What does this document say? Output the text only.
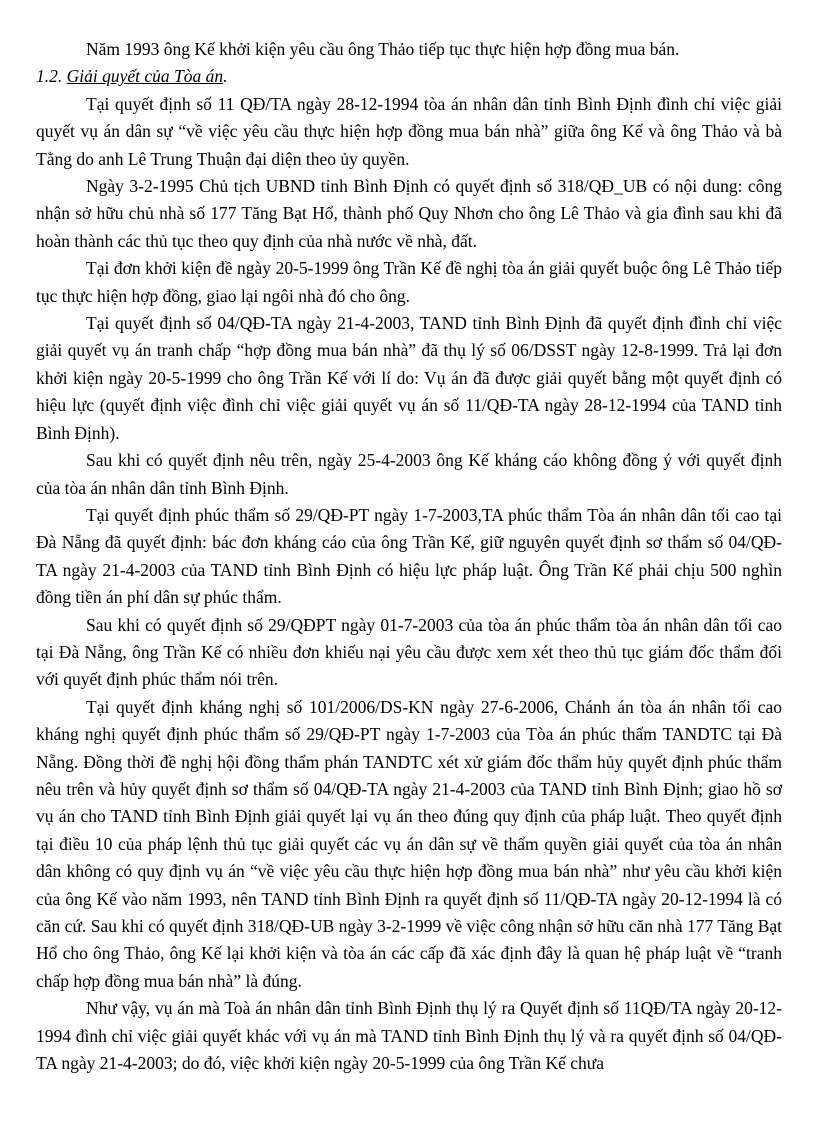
Năm 1993 ông Kế khởi kiện yêu cầu ông Thảo tiếp tục thực hiện hợp đồng mua bán.

1.2. Giải quyết của Tòa án.

Tại quyết định số 11 QĐ/TA ngày 28-12-1994 tòa án nhân dân tỉnh Bình Định đình chỉ việc giải quyết vụ án dân sự “về việc yêu cầu thực hiện hợp đồng mua bán nhà” giữa ông Kế và ông Thảo và bà Tằng do anh Lê Trung Thuận đại diện theo ủy quyền.

Ngày 3-2-1995 Chủ tịch UBND tỉnh Bình Định có quyết định số 318/QĐ_UB có nội dung: công nhận sở hữu chủ nhà số 177 Tăng Bạt Hổ, thành phố Quy Nhơn cho ông Lê Thảo và gia đình sau khi đã hoàn thành các thủ tục theo quy định của nhà nước về nhà, đất.

Tại đơn khởi kiện đề ngày 20-5-1999 ông Trần Kế đề nghị tòa án giải quyết buộc ông Lê Thảo tiếp tục thực hiện hợp đồng, giao lại ngôi nhà đó cho ông.

Tại quyết định số 04/QĐ-TA ngày 21-4-2003, TAND tỉnh Bình Định đã quyết định đình chỉ việc giải quyết vụ án tranh chấp “hợp đồng mua bán nhà” đã thụ lý số 06/DSST ngày 12-8-1999. Trả lại đơn khởi kiện ngày 20-5-1999 cho ông Trần Kế với lí do: Vụ án đã được giải quyết bằng một quyết định có hiệu lực (quyết định việc đình chỉ việc giải quyết vụ án số 11/QĐ-TA ngày 28-12-1994 của TAND tỉnh Bình Định).

Sau khi có quyết định nêu trên, ngày 25-4-2003 ông Kế kháng cáo không đồng ý với quyết định của tòa án nhân dân tỉnh Bình Định.

Tại quyết định phúc thẩm số 29/QĐ-PT ngày 1-7-2003,TA phúc thẩm Tòa án nhân dân tối cao tại Đà Nẵng đã quyết định: bác đơn kháng cáo của ông Trần Kế, giữ nguyên quyết định sơ thẩm số 04/QĐ-TA ngày 21-4-2003 của TAND tỉnh Bình Định có hiệu lực pháp luật. Ông Trần Kế phải chịu 500 nghìn đồng tiền án phí dân sự phúc thẩm.

Sau khi có quyết định số 29/QĐPT ngày 01-7-2003 của tòa án phúc thẩm tòa án nhân dân tối cao tại Đà Nẵng, ông Trần Kế có nhiều đơn khiếu nại yêu cầu được xem xét theo thủ tục giám đốc thẩm đối với quyết định phúc thẩm nói trên.

Tại quyết định kháng nghị số 101/2006/DS-KN ngày 27-6-2006, Chánh án tòa án nhân tối cao kháng nghị quyết định phúc thẩm số 29/QĐ-PT ngày 1-7-2003 của Tòa án phúc thẩm TANDTC tại Đà Nẵng. Đồng thời đề nghị hội đồng thẩm phán TANDTC xét xử giám đốc thẩm hủy quyết định phúc thẩm nêu trên và hủy quyết định sơ thẩm số 04/QĐ-TA ngày 21-4-2003 của TAND tỉnh Bình Định; giao hồ sơ vụ án cho TAND tỉnh Bình Định giải quyết lại vụ án theo đúng quy định của pháp luật. Theo quyết định tại điều 10 của pháp lệnh thủ tục giải quyết các vụ án dân sự về thẩm quyền giải quyết của tòa án nhân dân không có quy định vụ án “về việc yêu cầu thực hiện hợp đồng mua bán nhà” như yêu cầu khởi kiện của ông Kế vào năm 1993, nên TAND tỉnh Bình Định ra quyết định số 11/QĐ-TA ngày 20-12-1994 là có căn cứ. Sau khi có quyết định 318/QĐ-UB ngày 3-2-1999 về việc công nhận sở hữu căn nhà 177 Tăng Bạt Hổ cho ông Thảo, ông Kế lại khởi kiện và tòa án các cấp đã xác định đây là quan hệ pháp luật về “tranh chấp hợp đồng mua bán nhà” là đúng.

Như vậy, vụ án mà Toà án nhân dân tỉnh Bình Định thụ lý ra Quyết định số 11QĐ/TA ngày 20-12-1994 đình chỉ việc giải quyết khác với vụ án mà TAND tỉnh Bình Định thụ lý và ra quyết định số 04/QĐ-TA ngày 21-4-2003; do đó, việc khởi kiện ngày 20-5-1999 của ông Trần Kế chưa
